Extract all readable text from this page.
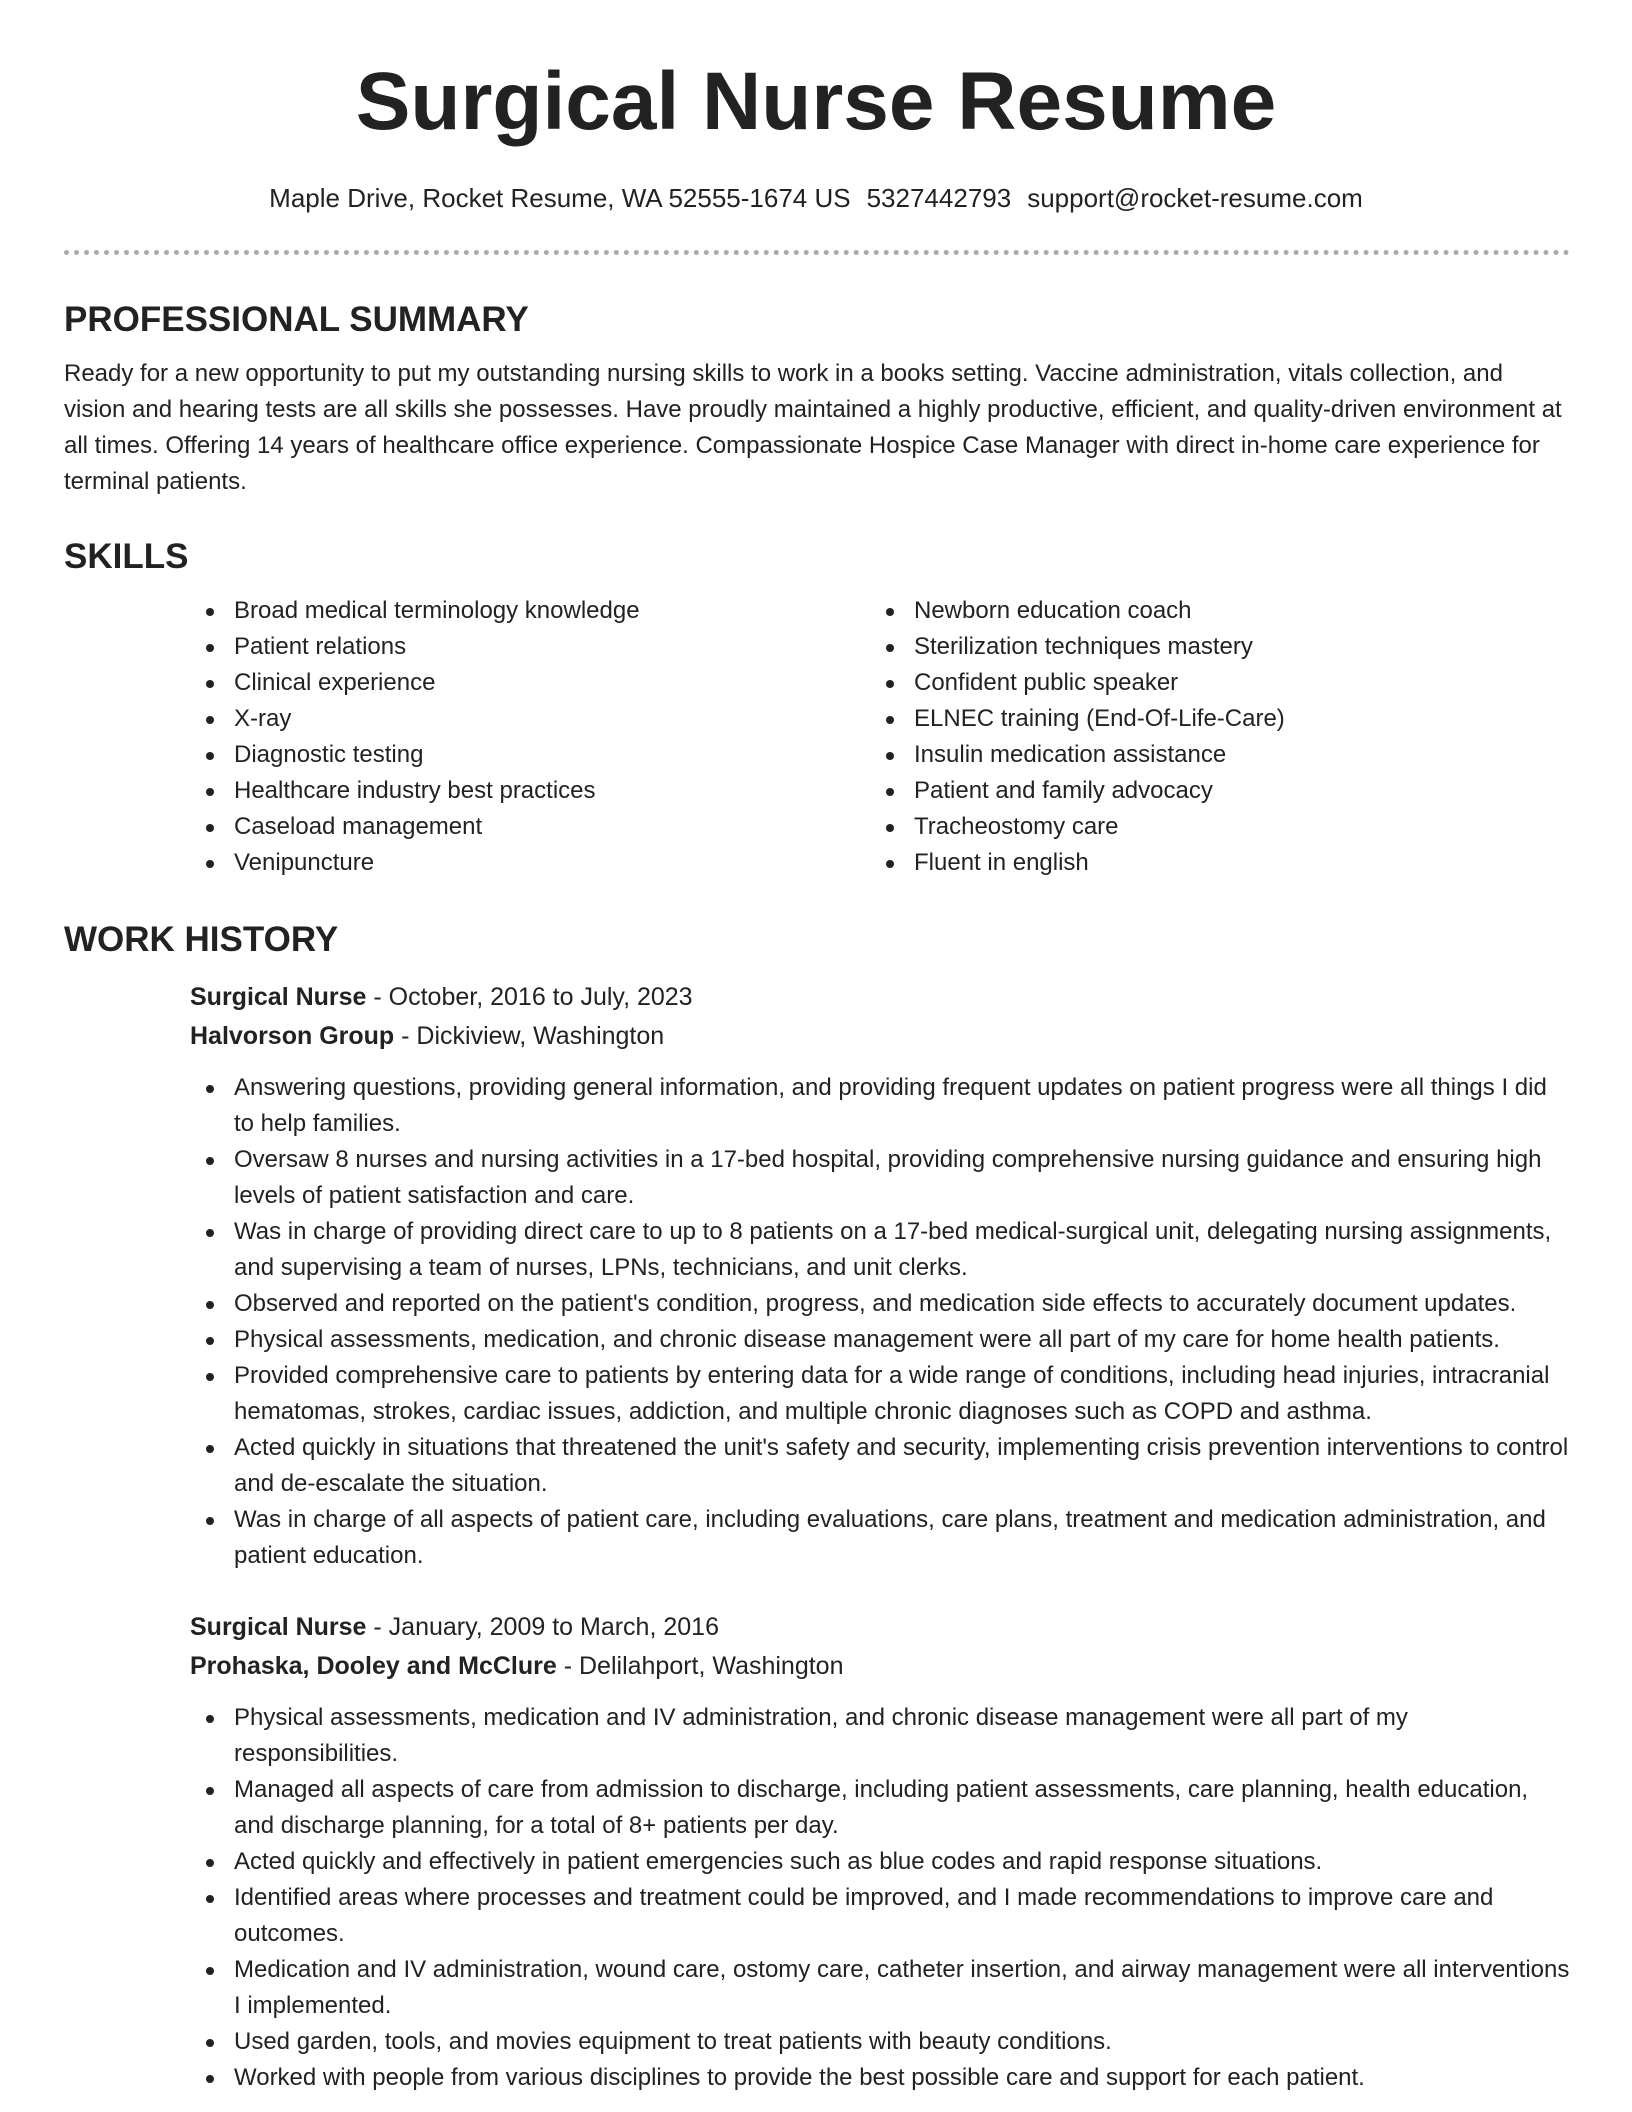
Surgical Nurse Resume
Maple Drive, Rocket Resume, WA 52555-1674 US 5327442793 support@rocket-resume.com
PROFESSIONAL SUMMARY

Ready for a new opportunity to put my outstanding nursing skills to work in a books setting. Vaccine administration, vitals collection, and vision and hearing tests are all skills she possesses. Have proudly maintained a highly productive, efficient, and quality-driven environment at all times. Offering 14 years of healthcare office experience. Compassionate Hospice Case Manager with direct in-home care experience for terminal patients.

SKILLS
Broad medical terminology knowledge
Patient relations
Clinical experience
X-ray
Diagnostic testing
Healthcare industry best practices
Caseload management
Venipuncture
Newborn education coach
Sterilization techniques mastery
Confident public speaker
ELNEC training (End-Of-Life-Care)
Insulin medication assistance
Patient and family advocacy
Tracheostomy care
Fluent in english
WORK HISTORY
Surgical Nurse - October, 2016 to July, 2023
Halvorson Group - Dickiview, Washington
Answering questions, providing general information, and providing frequent updates on patient progress were all things I did to help families.
Oversaw 8 nurses and nursing activities in a 17-bed hospital, providing comprehensive nursing guidance and ensuring high levels of patient satisfaction and care.
Was in charge of providing direct care to up to 8 patients on a 17-bed medical-surgical unit, delegating nursing assignments, and supervising a team of nurses, LPNs, technicians, and unit clerks.
Observed and reported on the patient's condition, progress, and medication side effects to accurately document updates.
Physical assessments, medication, and chronic disease management were all part of my care for home health patients.
Provided comprehensive care to patients by entering data for a wide range of conditions, including head injuries, intracranial hematomas, strokes, cardiac issues, addiction, and multiple chronic diagnoses such as COPD and asthma.
Acted quickly in situations that threatened the unit's safety and security, implementing crisis prevention interventions to control and de-escalate the situation.
Was in charge of all aspects of patient care, including evaluations, care plans, treatment and medication administration, and patient education.
Surgical Nurse - January, 2009 to March, 2016
Prohaska, Dooley and McClure - Delilahport, Washington
Physical assessments, medication and IV administration, and chronic disease management were all part of my responsibilities.
Managed all aspects of care from admission to discharge, including patient assessments, care planning, health education, and discharge planning, for a total of 8+ patients per day.
Acted quickly and effectively in patient emergencies such as blue codes and rapid response situations.
Identified areas where processes and treatment could be improved, and I made recommendations to improve care and outcomes.
Medication and IV administration, wound care, ostomy care, catheter insertion, and airway management were all interventions I implemented.
Used garden, tools, and movies equipment to treat patients with beauty conditions.
Worked with people from various disciplines to provide the best possible care and support for each patient.
